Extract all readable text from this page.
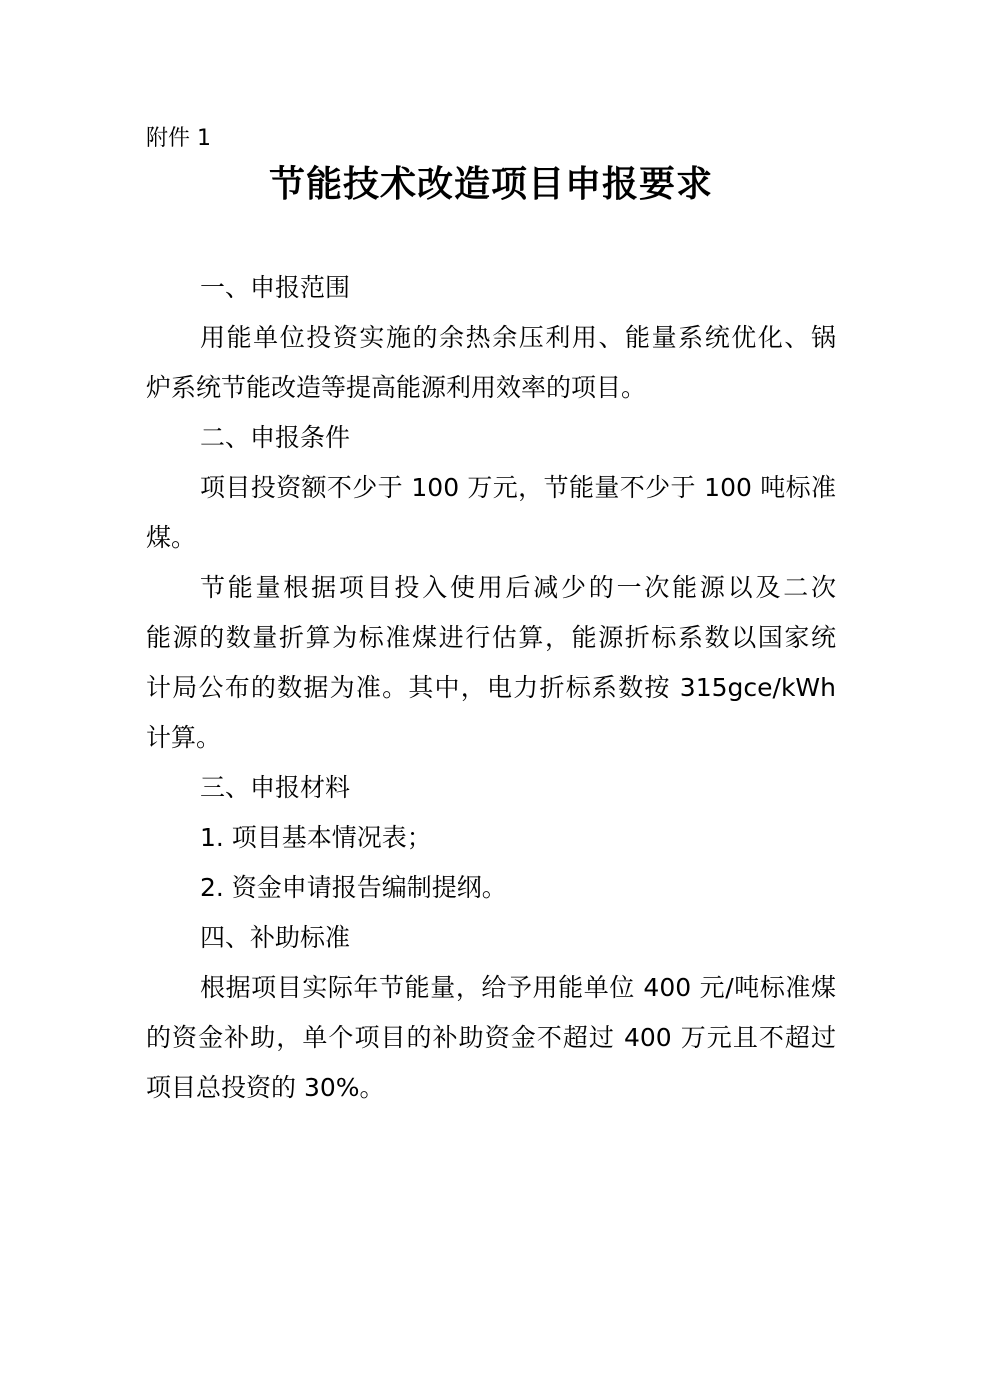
附件 1
节能技术改造项目申报要求
一、申报范围
用能单位投资实施的余热余压利用、能量系统优化、锅
炉系统节能改造等提高能源利用效率的项目。
二、申报条件
项目投资额不少于 100 万元，节能量不少于 100 吨标准
煤。
节能量根据项目投入使用后减少的一次能源以及二次
能源的数量折算为标准煤进行估算，能源折标系数以国家统
计局公布的数据为准。其中，电力折标系数按 315gce/kWh
计算。
三、申报材料
1. 项目基本情况表；
2. 资金申请报告编制提纲。
四、补助标准
根据项目实际年节能量，给予用能单位 400 元/吨标准煤
的资金补助，单个项目的补助资金不超过 400 万元且不超过
项目总投资的 30%。
